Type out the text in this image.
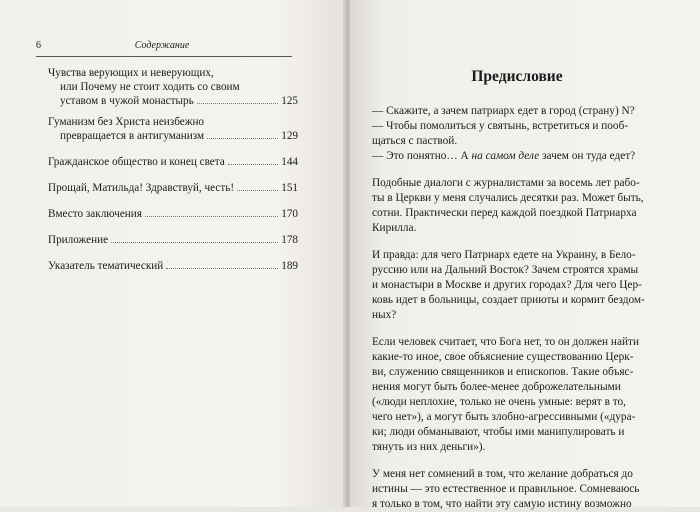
6	Содержание
Чувства верующих и неверующих,
или Почему не стоит ходить со своим
уставом в чужой монастырь	125
Гуманизм без Христа неизбежно
превращается в антигуманизм	129
Гражданское общество и конец света	144
Прощай, Матильда! Здравствуй, честь!	151
Вместо заключения	170
Приложение	178
Указатель тематический	189
Предисловие

— Скажите, а зачем патриарх едет в город (страну) N?

— Чтобы помолиться у святынь, встретиться и пооб-

щаться с паствой.

— Это понятно… А на самом деле зачем он туда едет?

Подобные диалоги с журналистами за восемь лет рабо-

ты в Церкви у меня случались десятки раз. Может быть,

сотни. Практически перед каждой поездкой Патриарха

Кирилла.

И правда: для чего Патриарх едете на Украину, в Бело-

руссию или на Дальний Восток? Зачем строятся храмы

и монастыри в Москве и других городах? Для чего Цер-

ковь идет в больницы, создает приюты и кормит бездом-

ных?

Если человек считает, что Бога нет, то он должен найти

какие-то иное, свое объяснение существованию Церк-

ви, служению священников и епископов. Такие объяс-

нения могут быть более-менее доброжелательными

(«люди неплохие, только не очень умные: верят в то,

чего нет»), а могут быть злобно-агрессивными («дура-

ки; люди обманывают, чтобы ими манипулировать и

тянуть из них деньги»).

У меня нет сомнений в том, что желание добраться до

истины — это естественное и правильное. Сомневаюсь

я только в том, что найти эту самую истину возможно
